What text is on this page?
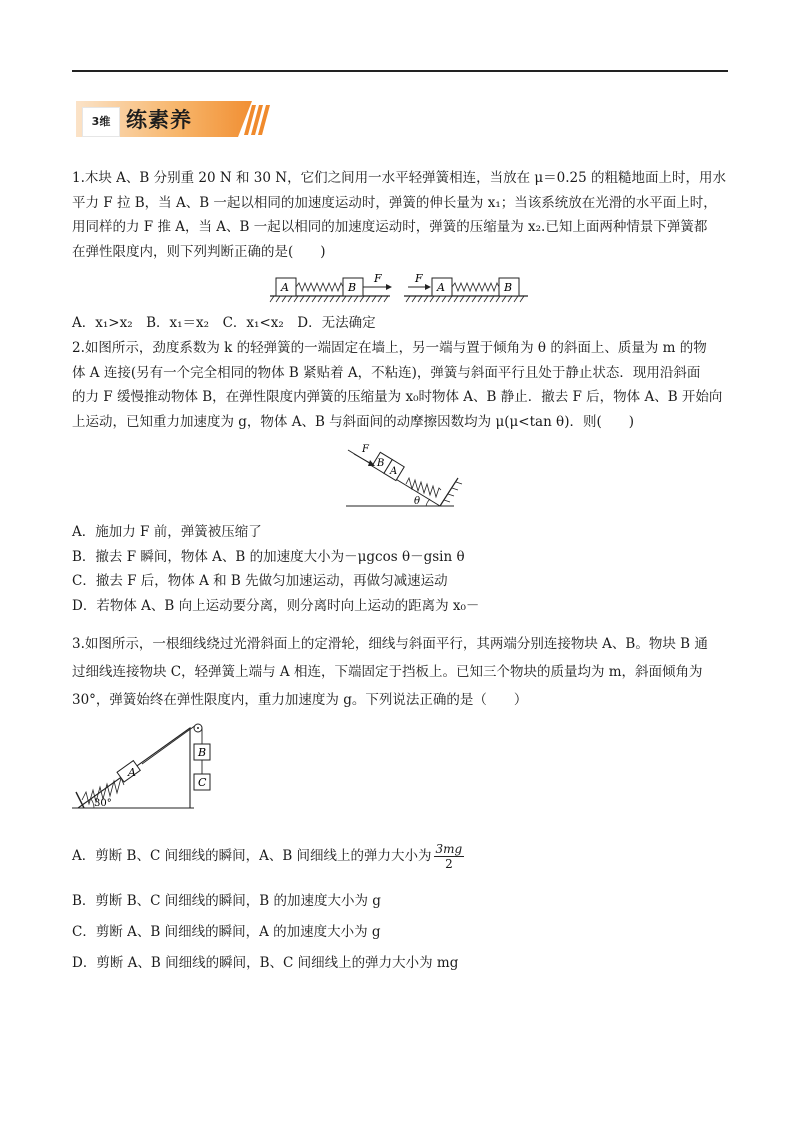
3维 练素养
1.木块 A、B 分别重 20 N 和 30 N，它们之间用一水平轻弹簧相连，当放在 μ＝0.25 的粗糙地面上时，用水
平力 F 拉 B，当 A、B 一起以相同的加速度运动时，弹簧的伸长量为 x₁；当该系统放在光滑的水平面上时，
用同样的力 F 推 A，当 A、B 一起以相同的加速度运动时，弹簧的压缩量为 x₂.已知上面两种情景下弹簧都
在弹性限度内，则下列判断正确的是(　　)
A	B
F	F
A	B
A．x₁>x₂　B．x₁＝x₂　C．x₁<x₂　D．无法确定
2.如图所示，劲度系数为 k 的轻弹簧的一端固定在墙上，另一端与置于倾角为 θ 的斜面上、质量为 m 的物
体 A 连接(另有一个完全相同的物体 B 紧贴着 A，不粘连)，弹簧与斜面平行且处于静止状态．现用沿斜面
的力 F 缓慢推动物体 B，在弹性限度内弹簧的压缩量为 x₀时物体 A、B 静止．撤去 F 后，物体 A、B 开始向
上运动，已知重力加速度为 g，物体 A、B 与斜面间的动摩擦因数均为 μ(μ<tan θ)．则(　　)
F
B
A
θ
A．施加力 F 前，弹簧被压缩了
B．撤去 F 瞬间，物体 A、B 的加速度大小为－μgcos θ－gsin θ
C．撤去 F 后，物体 A 和 B 先做匀加速运动，再做匀减速运动
D．若物体 A、B 向上运动要分离，则分离时向上运动的距离为 x₀－
3.如图所示，一根细线绕过光滑斜面上的定滑轮，细线与斜面平行，其两端分别连接物块 A、B。物块 B 通
过细线连接物块 C，轻弹簧上端与 A 相连，下端固定于挡板上。已知三个物块的质量均为 m，斜面倾角为
30°，弹簧始终在弹性限度内，重力加速度为 g。下列说法正确的是（　　）
A
B
C
30°
A．剪断 B、C 间细线的瞬间，A、B 间细线上的弹力大小为 $\frac{3mg}{2}$
B．剪断 B、C 间细线的瞬间，B 的加速度大小为 g
C．剪断 A、B 间细线的瞬间，A 的加速度大小为 g
D．剪断 A、B 间细线的瞬间，B、C 间细线上的弹力大小为 mg
